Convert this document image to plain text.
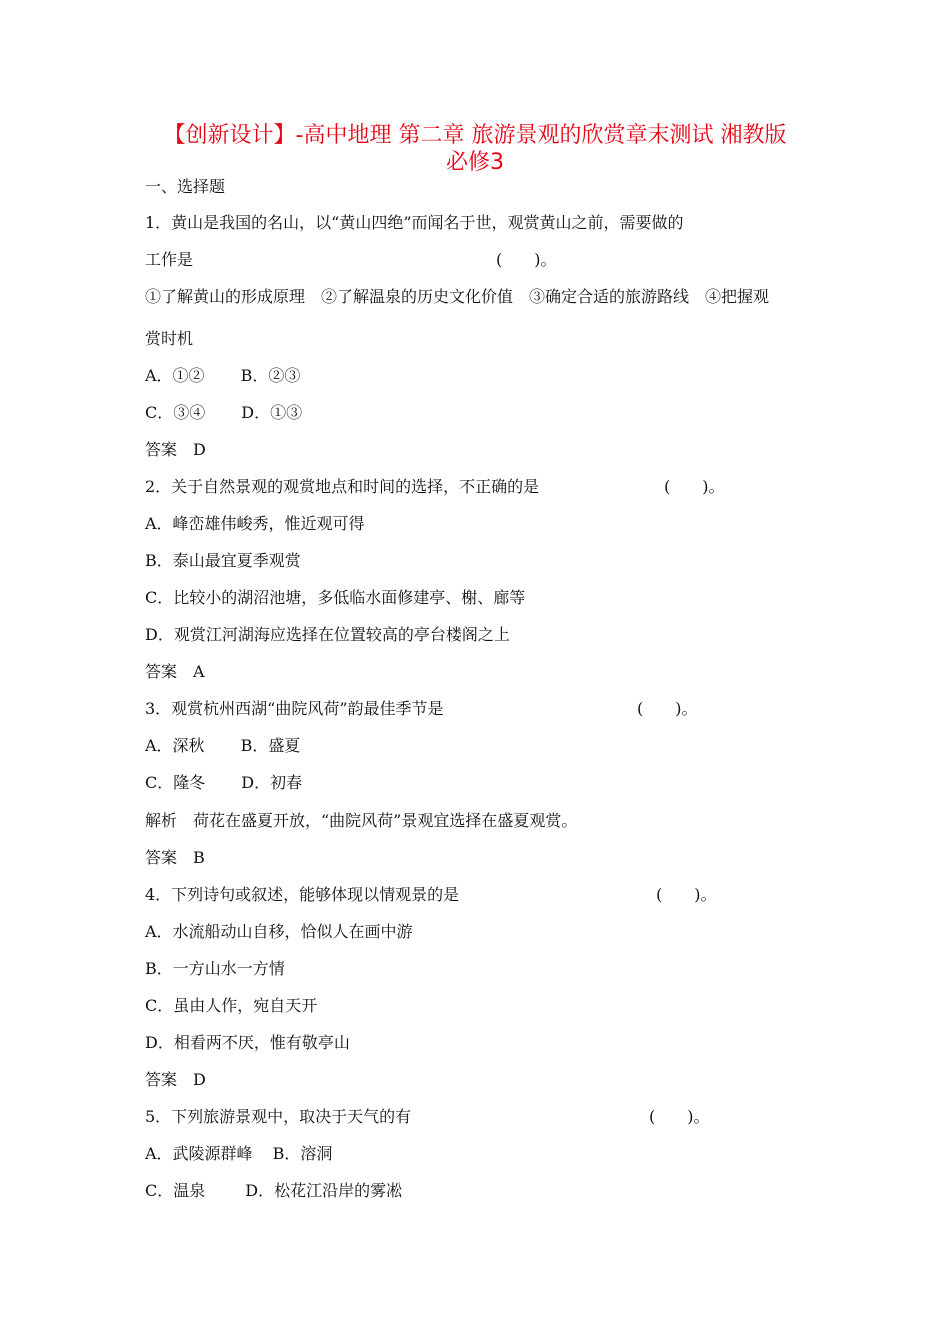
【创新设计】-高中地理 第二章 旅游景观的欣赏章末测试 湘教版
必修3
一、选择题
1．黄山是我国的名山，以“黄山四绝”而闻名于世，观赏黄山之前，需要做的
工作是	(　　)。
①了解黄山的形成原理　②了解温泉的历史文化价值　③确定合适的旅游路线　④把握观
赏时机
A．①② B．②③
C．③④ D．①③
答案　D
2．关于自然景观的观赏地点和时间的选择，不正确的是	(　　)。
A．峰峦雄伟峻秀，惟近观可得
B．泰山最宜夏季观赏
C．比较小的湖沼池塘，多低临水面修建亭、榭、廊等
D．观赏江河湖海应选择在位置较高的亭台楼阁之上
答案　A
3．观赏杭州西湖“曲院风荷”韵最佳季节是	(　　)。
A．深秋 B．盛夏
C．隆冬 D．初春
解析　荷花在盛夏开放，“曲院风荷”景观宜选择在盛夏观赏。
答案　B
4．下列诗句或叙述，能够体现以情观景的是	(　　)。
A．水流船动山自移，恰似人在画中游
B．一方山水一方情
C．虽由人作，宛自天开
D．相看两不厌，惟有敬亭山
答案　D
5．下列旅游景观中，取决于天气的有	(　　)。
A．武陵源群峰 B．溶洞
C．温泉	D．松花江沿岸的雾凇
